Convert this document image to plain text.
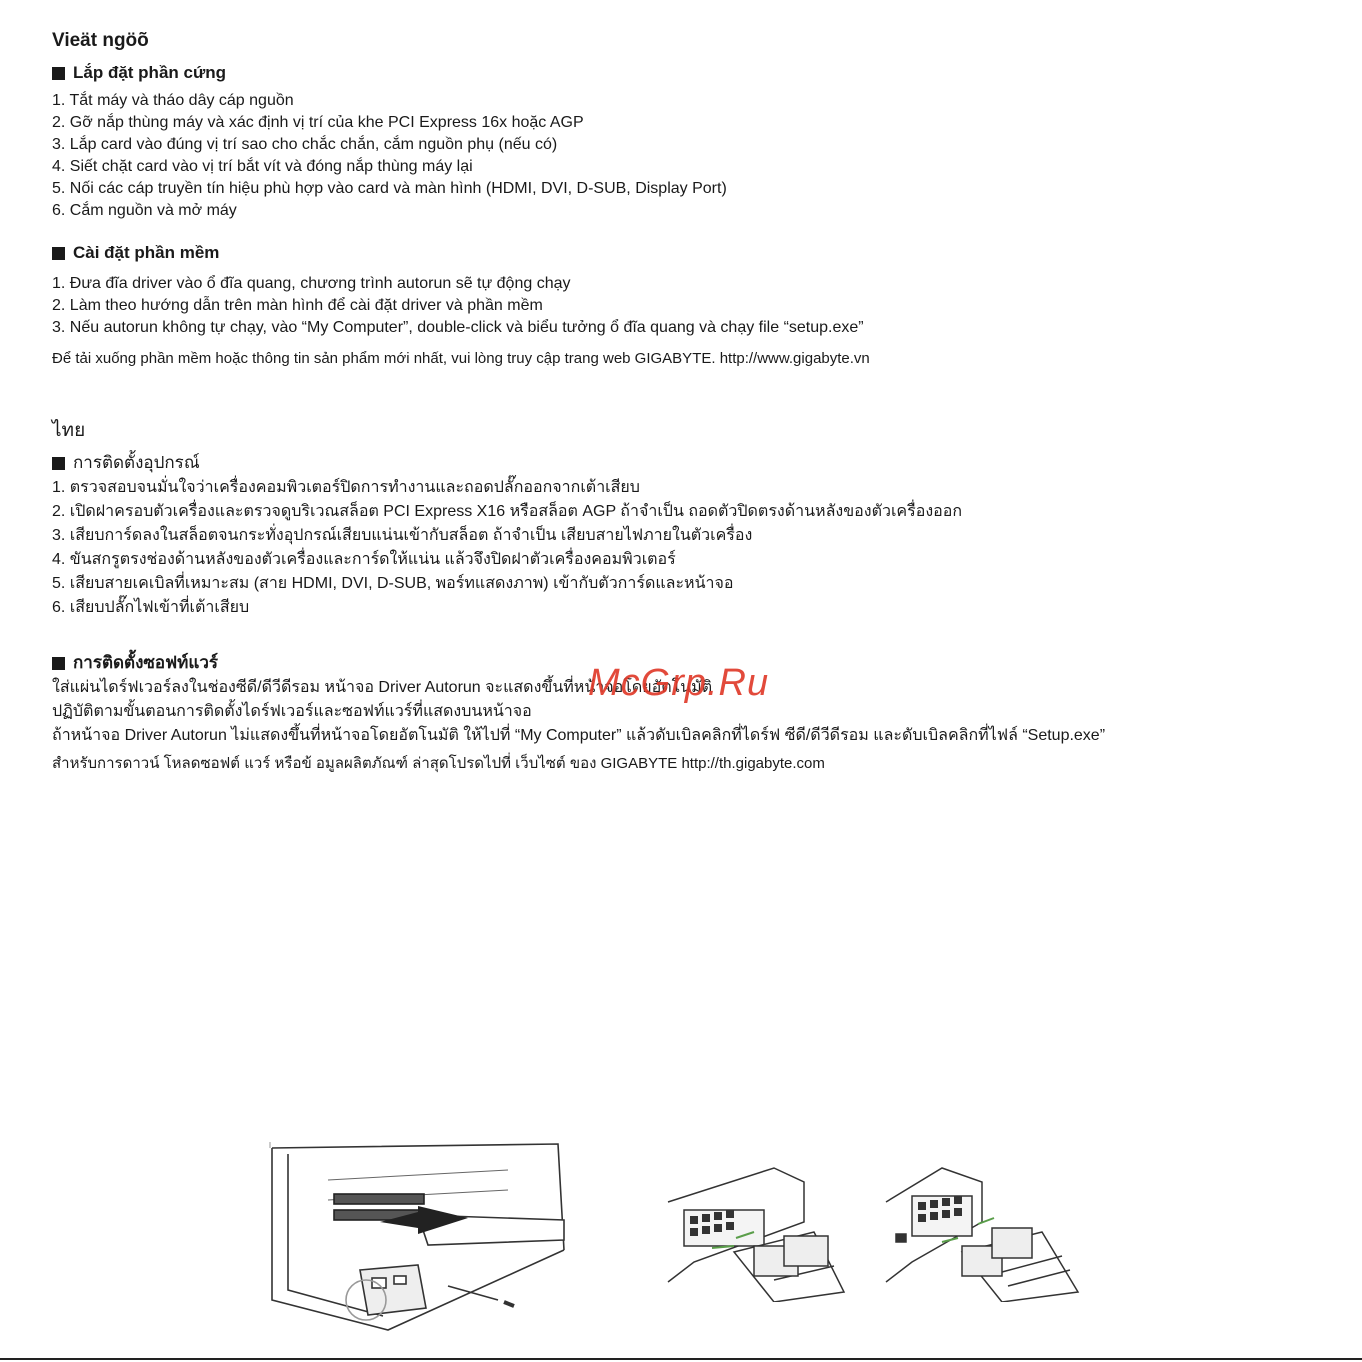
Vieät ngöõ
Lắp đặt phần cứng
1. Tắt máy và tháo dây cáp nguồn
2. Gỡ nắp thùng máy và xác định vị trí của khe PCI Express 16x hoặc AGP
3. Lắp card vào đúng vị trí sao cho chắc chắn, cắm nguồn phụ (nếu có)
4. Siết chặt card vào vị trí bắt vít và đóng nắp thùng máy lại
5. Nối các cáp truyền tín hiệu phù hợp vào card và màn hình (HDMI, DVI, D-SUB, Display Port)
6. Cắm nguồn và mở máy
Cài đặt phần mềm
1. Đưa đĩa driver vào ổ đĩa quang, chương trình autorun sẽ tự động chạy
2. Làm theo hướng dẫn trên màn hình để cài đặt driver và phần mềm
3. Nếu autorun không tự chạy, vào “My Computer”, double-click và biểu tưởng ổ đĩa quang và chạy file “setup.exe”
Để tải xuống phần mềm hoặc thông tin sản phẩm mới nhất, vui lòng truy cập trang web GIGABYTE. http://www.gigabyte.vn
ไทย
การติดตั้งอุปกรณ์
1. ตรวจสอบจนมั่นใจว่าเครื่องคอมพิวเตอร์ปิดการทำงานและถอดปลั๊กออกจากเต้าเสียบ
2. เปิดฝาครอบตัวเครื่องและตรวจดูบริเวณสล็อต PCI Express X16 หรือสล็อต AGP ถ้าจำเป็น ถอดตัวปิดตรงด้านหลังของตัวเครื่องออก
3. เสียบการ์ดลงในสล็อตจนกระทั่งอุปกรณ์เสียบแน่นเข้ากับสล็อต ถ้าจำเป็น เสียบสายไฟภายในตัวเครื่อง
4. ขันสกรูตรงช่องด้านหลังของตัวเครื่องและการ์ดให้แน่น แล้วจึงปิดฝาตัวเครื่องคอมพิวเตอร์
5. เสียบสายเคเบิลที่เหมาะสม (สาย HDMI, DVI, D-SUB, พอร์ทแสดงภาพ) เข้ากับตัวการ์ดและหน้าจอ
6. เสียบปลั๊กไฟเข้าที่เต้าเสียบ
การติดตั้งซอฟท์แวร์
ใส่แผ่นไดร์ฟเวอร์ลงในช่องซีดี/ดีวีดีรอม หน้าจอ Driver Autorun จะแสดงขึ้นที่หน้าจอโดยอัตโนมัติ
ปฏิบัติตามขั้นตอนการติดตั้งไดร์ฟเวอร์และซอฟท์แวร์ที่แสดงบนหน้าจอ
ถ้าหน้าจอ Driver Autorun ไม่แสดงขึ้นที่หน้าจอโดยอัตโนมัติ ให้ไปที่ “My Computer” แล้วดับเบิลคลิกที่ไดร์ฟ ซีดี/ดีวีดีรอม และดับเบิลคลิกที่ไฟล์ “Setup.exe”
สำหรับการดาวน์ โหลดซอฟต์ แวร์ หรือข้ อมูลผลิตภัณฑ์ ล่าสุดโปรดไปที่ เว็บไซต์ ของ GIGABYTE http://th.gigabyte.com
McGrp.Ru
